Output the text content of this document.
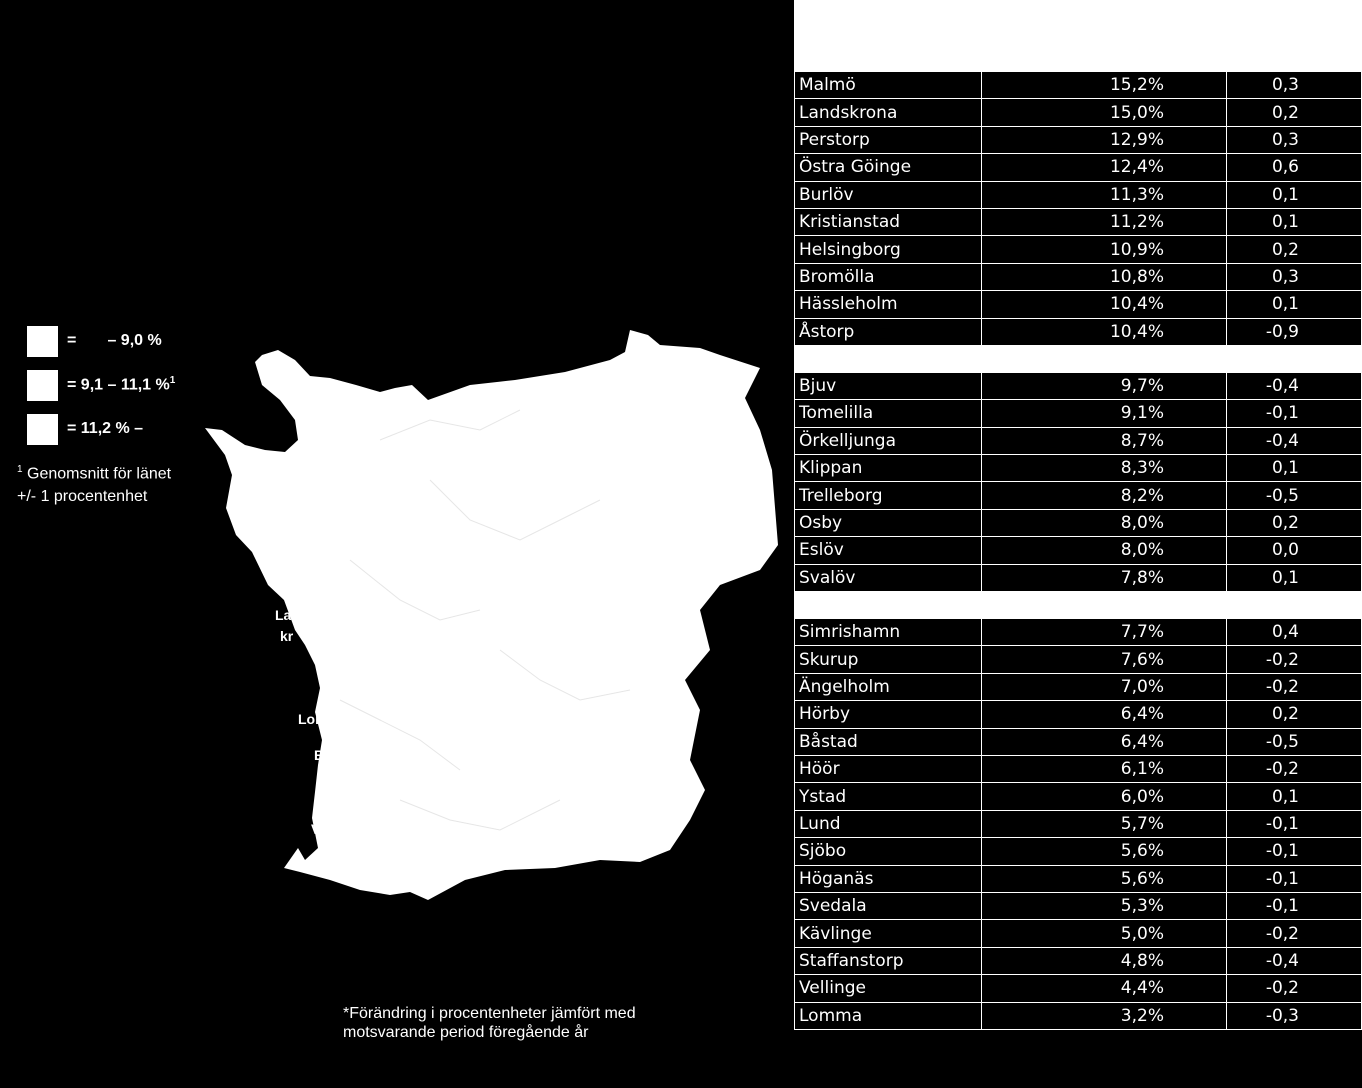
Hö-
H
b
La
kr
Lomma
Burlö
V
=       – 9,0 %
= 9,1 – 11,1 %$^1$
= 11,2 % –
$^1$ Genomsnitt för länet
+/- 1 procentenhet
*Förändring i procentenheter jämfört med
motsvarande period föregående år
Malmö	15,2%	0,3
Landskrona	15,0%	0,2
Perstorp	12,9%	0,3
Östra Göinge	12,4%	0,6
Burlöv	11,3%	0,1
Kristianstad	11,2%	0,1
Helsingborg	10,9%	0,2
Bromölla	10,8%	0,3
Hässleholm	10,4%	0,1
Åstorp	10,4%	-0,9

Bjuv	9,7%	-0,4
Tomelilla	9,1%	-0,1
Örkelljunga	8,7%	-0,4
Klippan	8,3%	0,1
Trelleborg	8,2%	-0,5
Osby	8,0%	0,2
Eslöv	8,0%	0,0
Svalöv	7,8%	0,1

Simrishamn	7,7%	0,4
Skurup	7,6%	-0,2
Ängelholm	7,0%	-0,2
Hörby	6,4%	0,2
Båstad	6,4%	-0,5
Höör	6,1%	-0,2
Ystad	6,0%	0,1
Lund	5,7%	-0,1
Sjöbo	5,6%	-0,1
Höganäs	5,6%	-0,1
Svedala	5,3%	-0,1
Kävlinge	5,0%	-0,2
Staffanstorp	4,8%	-0,4
Vellinge	4,4%	-0,2
Lomma	3,2%	-0,3
